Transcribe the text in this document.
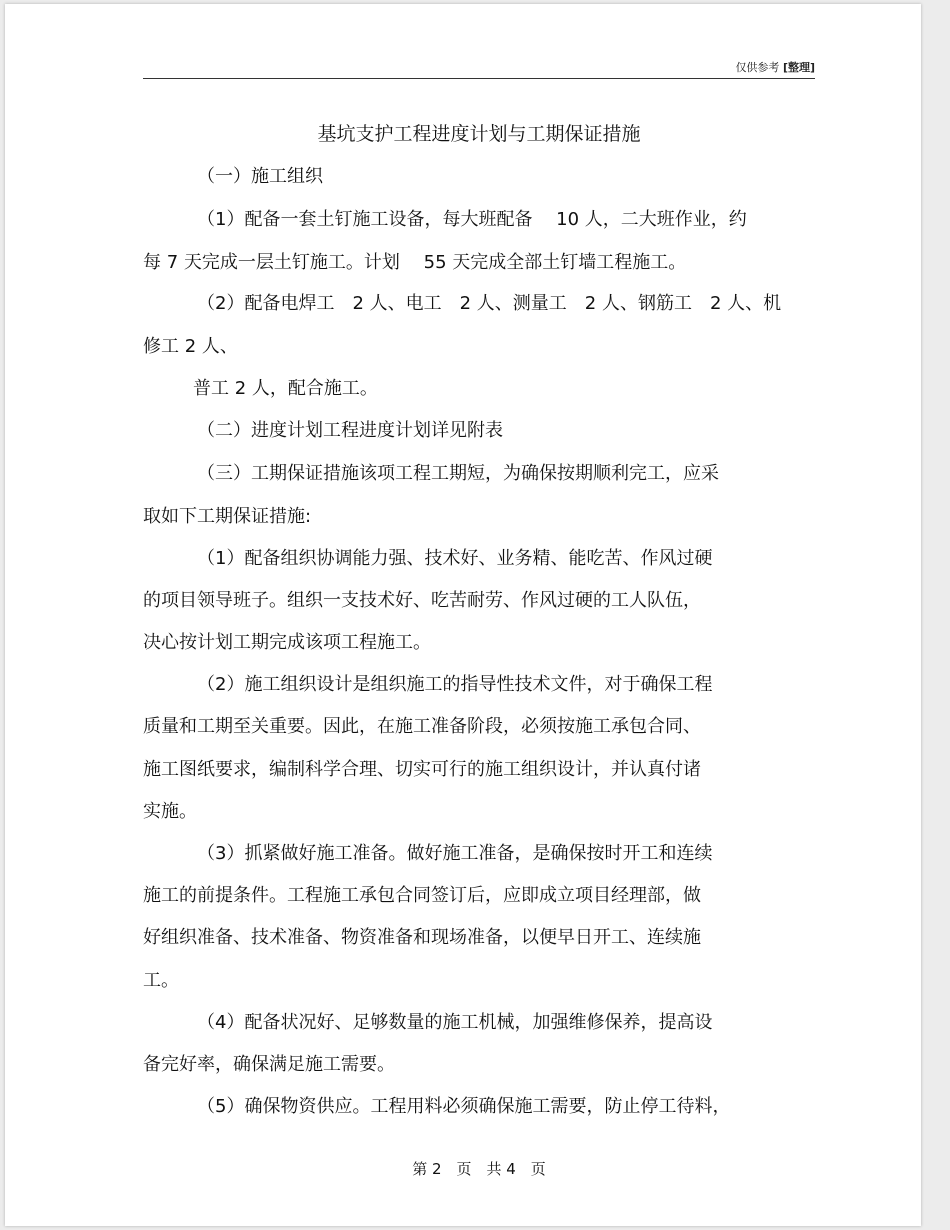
仅供参考 [整理]
基坑支护工程进度计划与工期保证措施
（一）施工组织
（1）配备一套土钉施工设备，每大班配备　 10 人，二大班作业，约
每 7 天完成一层土钉施工。计划　 55 天完成全部土钉墙工程施工。
（2）配备电焊工　2 人、电工　2 人、测量工　2 人、钢筋工　2 人、机
修工 2 人、
普工 2 人，配合施工。
（二）进度计划工程进度计划详见附表
（三）工期保证措施该项工程工期短，为确保按期顺利完工，应采
取如下工期保证措施:
（1）配备组织协调能力强、技术好、业务精、能吃苦、作风过硬
的项目领导班子。组织一支技术好、吃苦耐劳、作风过硬的工人队伍，
决心按计划工期完成该项工程施工。
（2）施工组织设计是组织施工的指导性技术文件，对于确保工程
质量和工期至关重要。因此，在施工准备阶段，必须按施工承包合同、
施工图纸要求，编制科学合理、切实可行的施工组织设计，并认真付诸
实施。
（3）抓紧做好施工准备。做好施工准备，是确保按时开工和连续
施工的前提条件。工程施工承包合同签订后，应即成立项目经理部，做
好组织准备、技术准备、物资准备和现场准备，以便早日开工、连续施
工。
（4）配备状况好、足够数量的施工机械，加强维修保养，提高设
备完好率，确保满足施工需要。
（5）确保物资供应。工程用料必须确保施工需要，防止停工待料，
第 2　页　共 4　页
